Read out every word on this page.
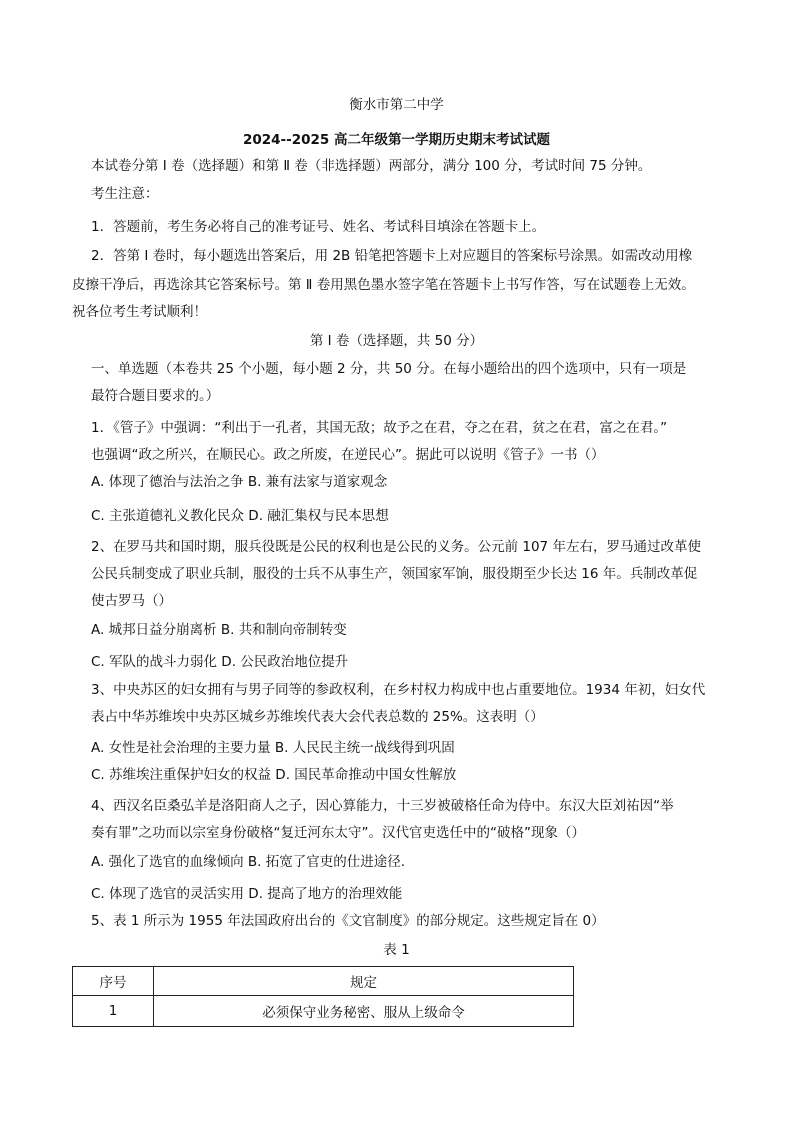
衡水市第二中学
2024--2025 高二年级第一学期历史期末考试试题
本试卷分第 Ⅰ 卷（选择题）和第 Ⅱ 卷（非选择题）两部分，满分 100 分，考试时间 75 分钟。
考生注意：
1．答题前，考生务必将自己的准考证号、姓名、考试科目填涂在答题卡上。
2．答第 Ⅰ 卷时，每小题选出答案后，用 2B 铅笔把答题卡上对应题目的答案标号涂黑。如需改动用橡
皮擦干净后，再选涂其它答案标号。第 Ⅱ 卷用黑色墨水签字笔在答题卡上书写作答，写在试题卷上无效。
祝各位考生考试顺利！
第 Ⅰ 卷（选择题，共 50 分）
一、单选题（本卷共 25 个小题，每小题 2 分，共 50 分。在每小题给出的四个选项中，只有一项是
最符合题目要求的。）
1．《管子》中强调：“利出于一孔者，其国无敌；故予之在君，夺之在君，贫之在君，富之在君。”
也强调“政之所兴，在顺民心。政之所废，在逆民心”。据此可以说明《管子》一书（）
A. 体现了德治与法治之争 B. 兼有法家与道家观念
C. 主张道德礼义教化民众 D. 融汇集权与民本思想
2、在罗马共和国时期，服兵役既是公民的权利也是公民的义务。公元前 107 年左右，罗马通过改革使
公民兵制变成了职业兵制，服役的士兵不从事生产，领国家军饷，服役期至少长达 16 年。兵制改革促
使古罗马（）
A. 城邦日益分崩离析 B. 共和制向帝制转变
C. 军队的战斗力弱化 D. 公民政治地位提升
3、中央苏区的妇女拥有与男子同等的参政权利，在乡村权力构成中也占重要地位。1934 年初，妇女代
表占中华苏维埃中央苏区城乡苏维埃代表大会代表总数的 25%。这表明（）
A. 女性是社会治理的主要力量 B. 人民民主统一战线得到巩固
C. 苏维埃注重保护妇女的权益 D. 国民革命推动中国女性解放
4、西汉名臣桑弘羊是洛阳商人之子，因心算能力，十三岁被破格任命为侍中。东汉大臣刘祐因“举
奏有罪”之功而以宗室身份破格“复迁河东太守”。汉代官吏选任中的“破格”现象（）
A. 强化了选官的血缘倾向 B. 拓宽了官吏的仕进途径.
C. 体现了选官的灵活实用 D. 提高了地方的治理效能
5、表 1 所示为 1955 年法国政府出台的《文官制度》的部分规定。这些规定旨在 0）
表 1
序号	规定
1	必须保守业务秘密、服从上级命令
